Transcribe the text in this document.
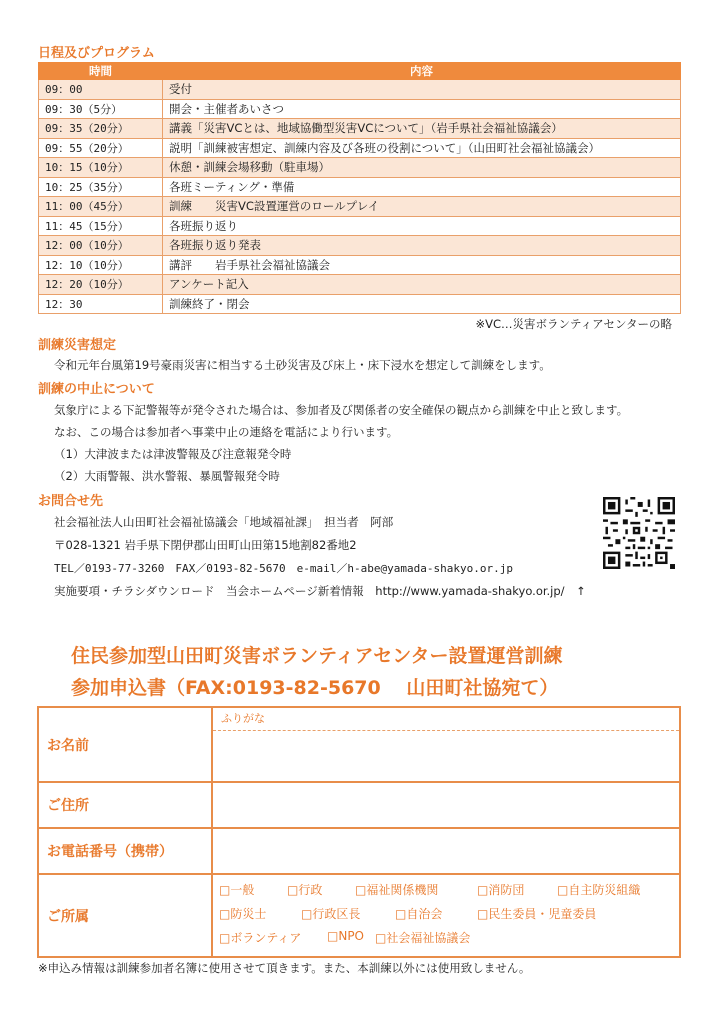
日程及びプログラム
時間	内容
09：00	受付
09：30（5分）	開会・主催者あいさつ
09：35（20分）	講義「災害VCとは、地域協働型災害VCについて」（岩手県社会福祉協議会）
09：55（20分）	説明「訓練被害想定、訓練内容及び各班の役割について」（山田町社会福祉協議会）
10：15（10分）	休憩・訓練会場移動（駐車場）
10：25（35分）	各班ミーティング・準備
11：00（45分）	訓練　　災害VC設置運営のロールプレイ
11：45（15分）	各班振り返り
12：00（10分）	各班振り返り発表
12：10（10分）	講評　　岩手県社会福祉協議会
12：20（10分）	アンケート記入
12：30	訓練終了・閉会
※VC…災害ボランティアセンターの略
訓練災害想定
令和元年台風第19号豪雨災害に相当する土砂災害及び床上・床下浸水を想定して訓練をします。
訓練の中止について
気象庁による下記警報等が発令された場合は、参加者及び関係者の安全確保の観点から訓練を中止と致します。
なお、この場合は参加者へ事業中止の連絡を電話により行います。
（1）大津波または津波警報及び注意報発令時
（2）大雨警報、洪水警報、暴風警報発令時
お問合せ先
社会福祉法人山田町社会福祉協議会「地域福祉課」　担当者　阿部
〒028-1321 岩手県下閉伊郡山田町山田第15地割82番地2
TEL／0193-77-3260　FAX／0193-82-5670　e-mail／h-abe@yamada-shakyo.or.jp
実施要項・チラシダウンロード　当会ホームページ新着情報　http://www.yamada-shakyo.or.jp/　↑
住民参加型山田町災害ボランティアセンター設置運営訓練
参加申込書（FAX:0193-82-5670　 山田町社協宛て）
お名前
ふりがな
ご住所
お電話番号（携帯）
ご所属
□一般	□行政	□福祉関係機関	□消防団	□自主防災組織
□防災士	□行政区長	□自治会	□民生委員・児童委員
□ボランティア □NPO □社会福祉協議会
※申込み情報は訓練参加者名簿に使用させて頂きます。また、本訓練以外には使用致しません。
